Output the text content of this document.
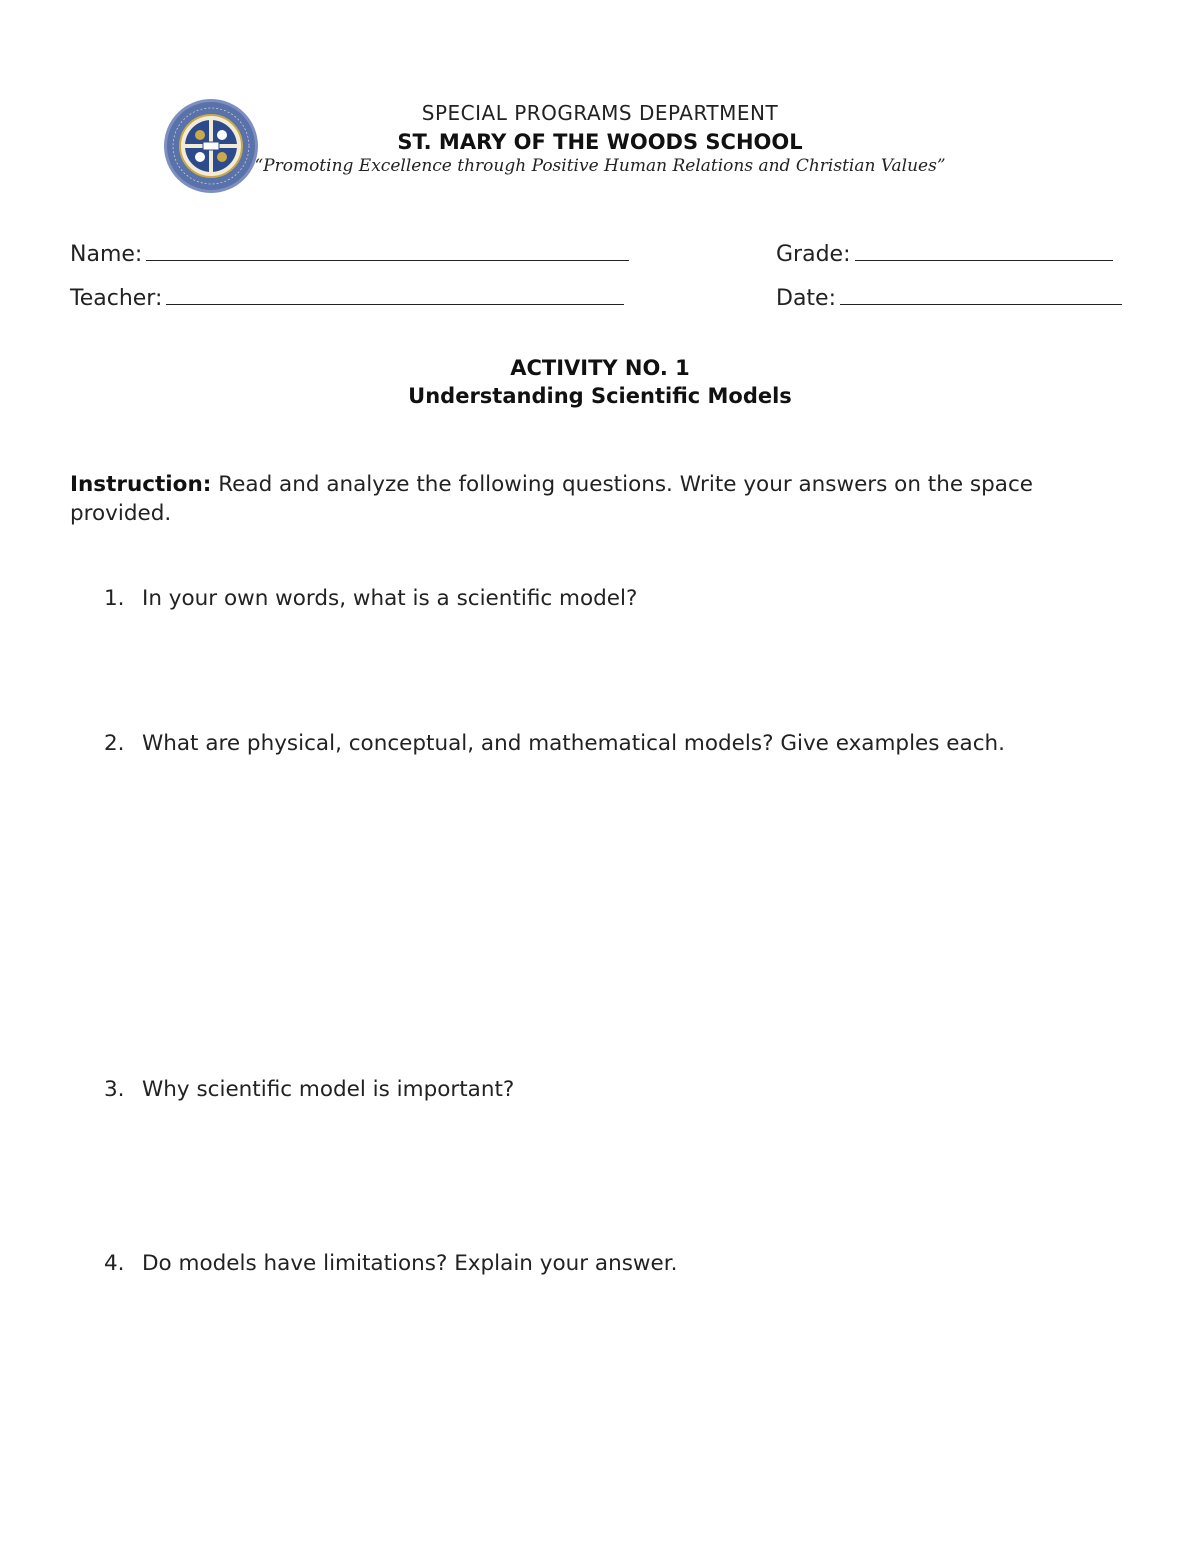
SPECIAL PROGRAMS DEPARTMENT
ST. MARY OF THE WOODS SCHOOL
“Promoting Excellence through Positive Human Relations and Christian Values”
Name:	Grade:
Teacher:	Date:
ACTIVITY NO. 1
Understanding Scientific Models
Instruction: Read and analyze the following questions. Write your answers on the space provided.
1. In your own words, what is a scientific model?
2. What are physical, conceptual, and mathematical models? Give examples each.
3. Why scientific model is important?
4. Do models have limitations? Explain your answer.
